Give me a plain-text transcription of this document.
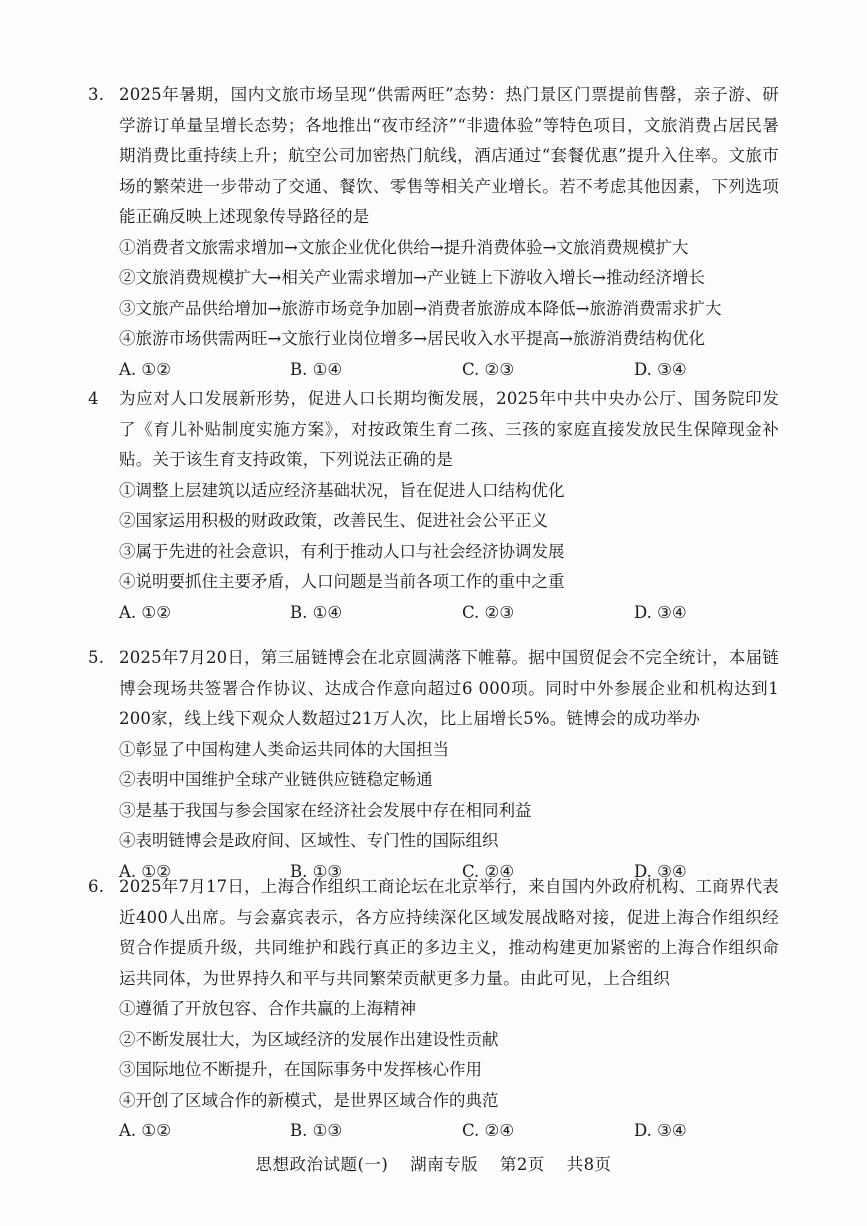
3. 2025年暑期，国内文旅市场呈现“供需两旺”态势：热门景区门票提前售罄，亲子游、研学游订单量呈增长态势；各地推出“夜市经济”“非遗体验”等特色项目，文旅消费占居民暑期消费比重持续上升；航空公司加密热门航线，酒店通过“套餐优惠”提升入住率。文旅市场的繁荣进一步带动了交通、餐饮、零售等相关产业增长。若不考虑其他因素，下列选项能正确反映上述现象传导路径的是
①消费者文旅需求增加→文旅企业优化供给→提升消费体验→文旅消费规模扩大
②文旅消费规模扩大→相关产业需求增加→产业链上下游收入增长→推动经济增长
③文旅产品供给增加→旅游市场竞争加剧→消费者旅游成本降低→旅游消费需求扩大
④旅游市场供需两旺→文旅行业岗位增多→居民收入水平提高→旅游消费结构优化
A. ①②	B. ①④	C. ②③	D. ③④
4 为应对人口发展新形势，促进人口长期均衡发展，2025年中共中央办公厅、国务院印发了《育儿补贴制度实施方案》，对按政策生育二孩、三孩的家庭直接发放民生保障现金补贴。关于该生育支持政策，下列说法正确的是
①调整上层建筑以适应经济基础状况，旨在促进人口结构优化
②国家运用积极的财政政策，改善民生、促进社会公平正义
③属于先进的社会意识，有利于推动人口与社会经济协调发展
④说明要抓住主要矛盾，人口问题是当前各项工作的重中之重
A. ①②	B. ①④	C. ②③	D. ③④
5. 2025年7月20日，第三届链博会在北京圆满落下帷幕。据中国贸促会不完全统计，本届链博会现场共签署合作协议、达成合作意向超过6 000项。同时中外参展企业和机构达到1 200家，线上线下观众人数超过21万人次，比上届增长5%。链博会的成功举办
①彰显了中国构建人类命运共同体的大国担当
②表明中国维护全球产业链供应链稳定畅通
③是基于我国与参会国家在经济社会发展中存在相同利益
④表明链博会是政府间、区域性、专门性的国际组织
A. ①②	B. ①③	C. ②④	D. ③④
6. 2025年7月17日，上海合作组织工商论坛在北京举行，来自国内外政府机构、工商界代表近400人出席。与会嘉宾表示，各方应持续深化区域发展战略对接，促进上海合作组织经贸合作提质升级，共同维护和践行真正的多边主义，推动构建更加紧密的上海合作组织命运共同体，为世界持久和平与共同繁荣贡献更多力量。由此可见，上合组织
①遵循了开放包容、合作共赢的上海精神
②不断发展壮大，为区域经济的发展作出建设性贡献
③国际地位不断提升，在国际事务中发挥核心作用
④开创了区域合作的新模式，是世界区域合作的典范
A. ①②	B. ①③	C. ②④	D. ③④
思想政治试题(一) 湖南专版 第2页 共8页
